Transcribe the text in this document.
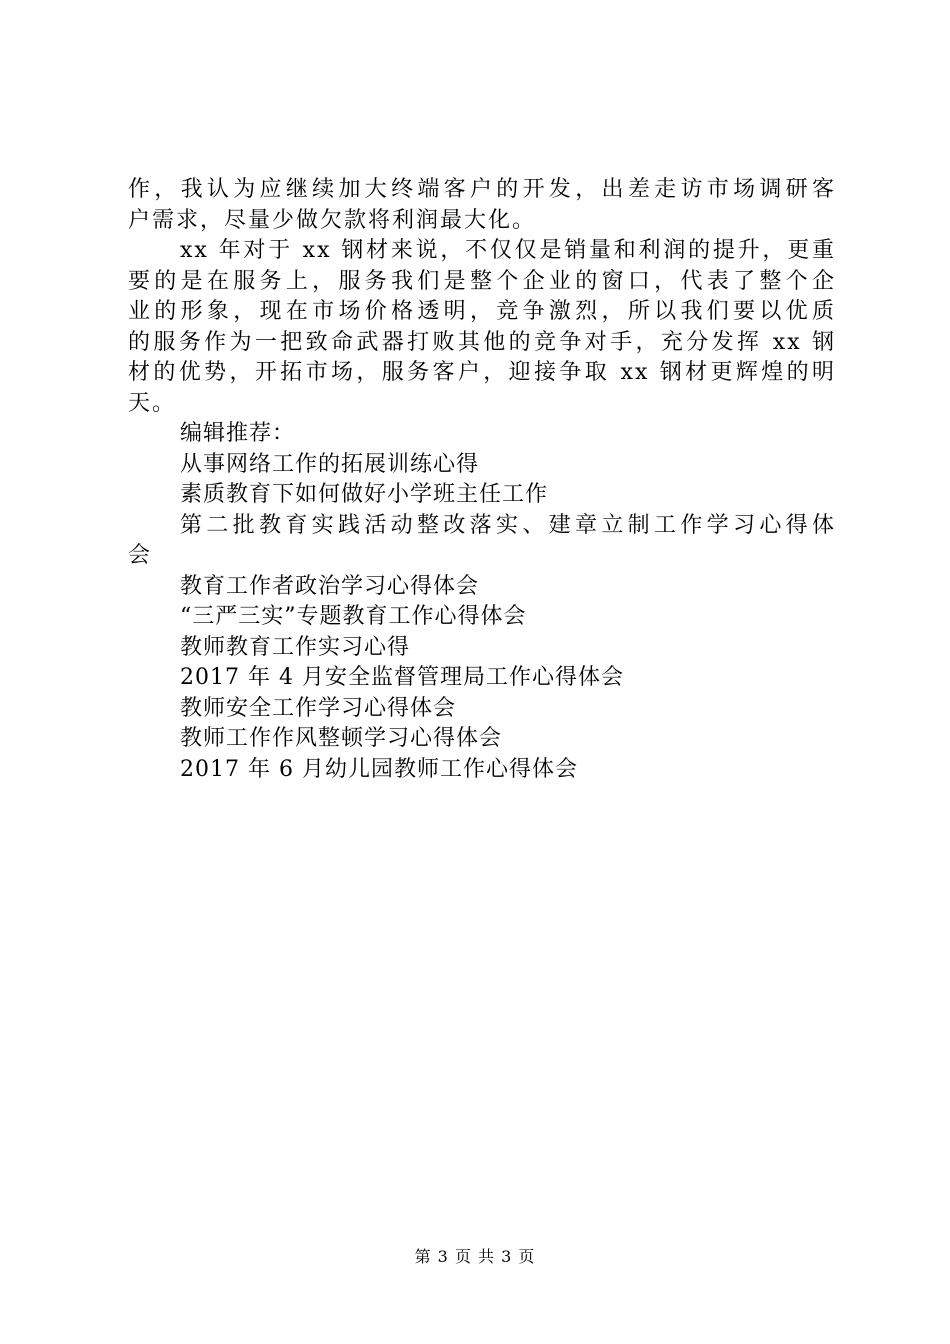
作，我认为应继续加大终端客户的开发，出差走访市场调研客
户需求，尽量少做欠款将利润最大化。
xx 年对于 xx 钢材来说，不仅仅是销量和利润的提升，更重
要的是在服务上，服务我们是整个企业的窗口，代表了整个企
业的形象，现在市场价格透明，竞争激烈，所以我们要以优质
的服务作为一把致命武器打败其他的竞争对手，充分发挥 xx 钢
材的优势，开拓市场，服务客户，迎接争取 xx 钢材更辉煌的明
天。
编辑推荐：
从事网络工作的拓展训练心得
素质教育下如何做好小学班主任工作
第二批教育实践活动整改落实、建章立制工作学习心得体
会
教育工作者政治学习心得体会
“三严三实”专题教育工作心得体会
教师教育工作实习心得
2017 年 4 月安全监督管理局工作心得体会
教师安全工作学习心得体会
教师工作作风整顿学习心得体会
2017 年 6 月幼儿园教师工作心得体会
第 3 页 共 3 页
